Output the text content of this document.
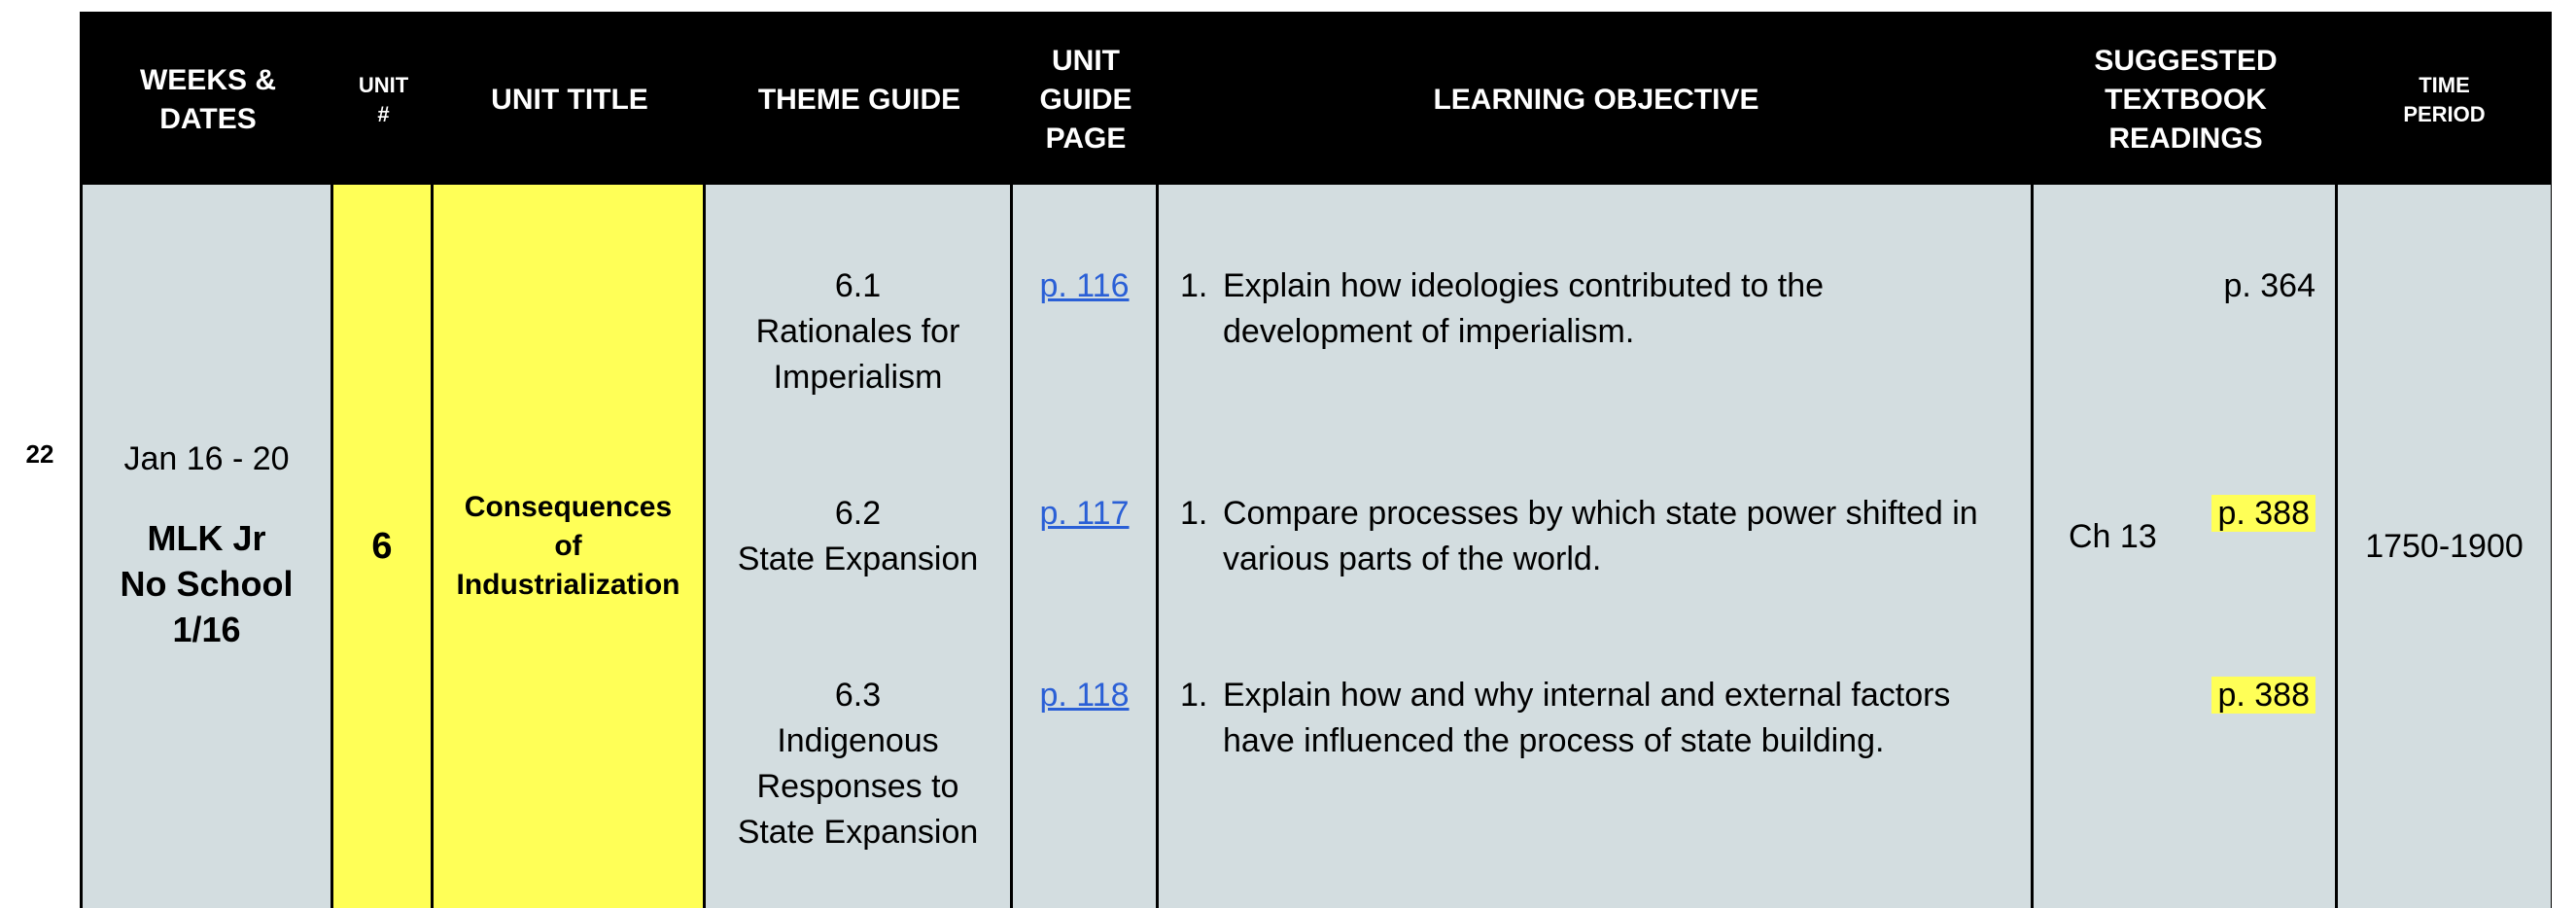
22
WEEKS &
DATES
UNIT
#	UNIT TITLE	THEME GUIDE
UNIT
GUIDE
PAGE
LEARNING OBJECTIVE
SUGGESTED
TEXTBOOK
READINGS
TIME
PERIOD
Jan 16 - 20
MLK Jr
No School
1/16
6
Consequences
of
Industrialization
6.1
Rationales for
Imperialism
6.2
State Expansion
6.3
Indigenous
Responses to
State Expansion
p. 116
p. 117
p. 118
1. Explain how ideologies contributed to the development of imperialism.
1. Compare processes by which state power shifted in various parts of the world.
1. Explain how and why internal and external factors have influenced the process of state building.
Ch 13
p. 364
p. 388
p. 388
1750-1900
